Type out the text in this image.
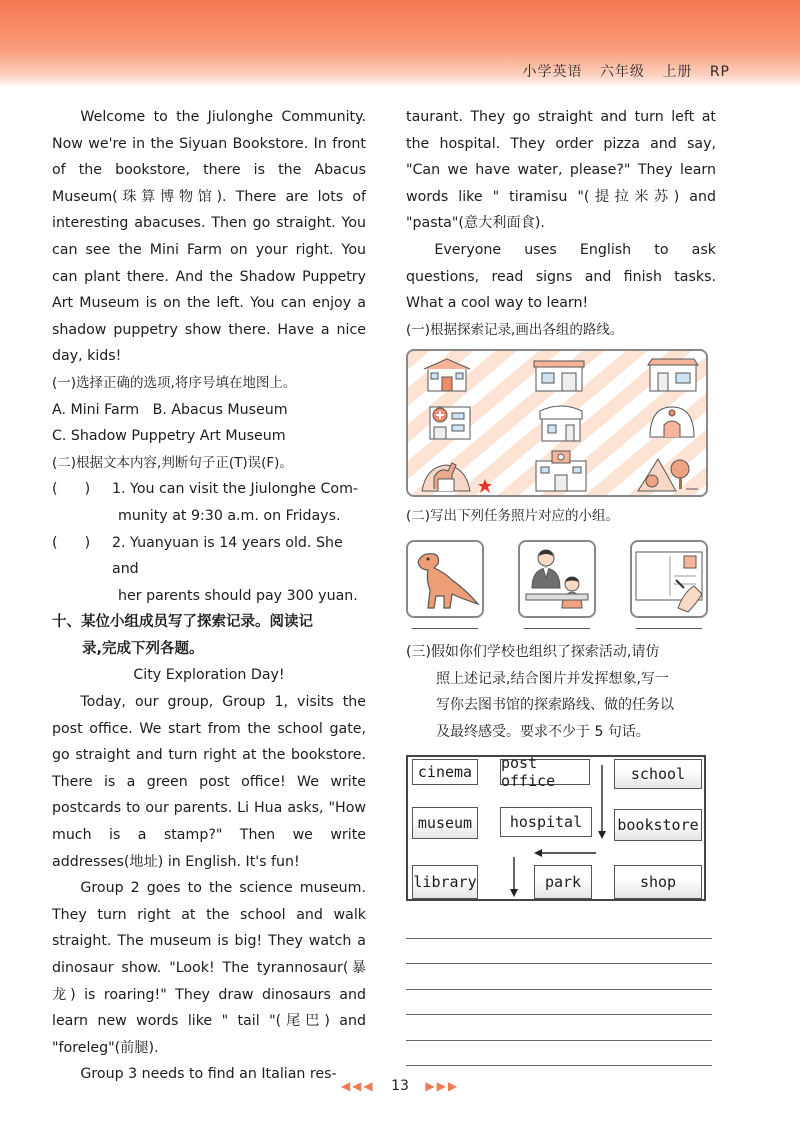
小学英语 六年级 上册 RP

Welcome to the Jiulonghe Community. Now we're in the Siyuan Bookstore. In front of the bookstore, there is the Abacus Museum(珠算博物馆). There are lots of interesting abacuses. Then go straight. You can see the Mini Farm on your right. You can plant there. And the Shadow Puppetry Art Museum is on the left. You can enjoy a shadow puppetry show there. Have a nice day, kids!

(一)选择正确的选项,将序号填在地图上。
A. Mini Farm   B. Abacus Museum
C. Shadow Puppetry Art Museum
(二)根据文本内容,判断句子正(T)误(F)。
(      )	1. You can visit the Jiulonghe Com-
munity at 9:30 a.m. on Fridays.
(      )	2. Yuanyuan is 14 years old. She and
her parents should pay 300 yuan.
十、某位小组成员写了探索记录。阅读记
录,完成下列各题。
City Exploration Day!

Today, our group, Group 1, visits the post office. We start from the school gate, go straight and turn right at the bookstore. There is a green post office! We write postcards to our parents. Li Hua asks, "How much is a stamp?" Then we write addresses(地址) in English. It's fun!

Group 2 goes to the science museum. They turn right at the school and walk straight. The museum is big! They watch a dinosaur show. "Look! The tyrannosaur(暴龙) is roaring!" They draw dinosaurs and learn new words like " tail "(尾巴) and "foreleg"(前腿).

Group 3 needs to find an Italian res-

taurant. They go straight and turn left at the hospital. They order pizza and say, "Can we have water, please?" They learn words like " tiramisu "(提拉米苏) and "pasta"(意大利面食).

Everyone uses English to ask questions, read signs and finish tasks. What a cool way to learn!

(一)根据探索记录,画出各组的路线。
(二)写出下列任务照片对应的小组。
(三)假如你们学校也组织了探索活动,请仿
照上述记录,结合图片并发挥想象,写一
写你去图书馆的探索路线、做的任务以
及最终感受。要求不少于 5 句话。
cinema	post office	school
museum	hospital	bookstore
library	park	shop
◀◀◀ 13 ▶▶▶
